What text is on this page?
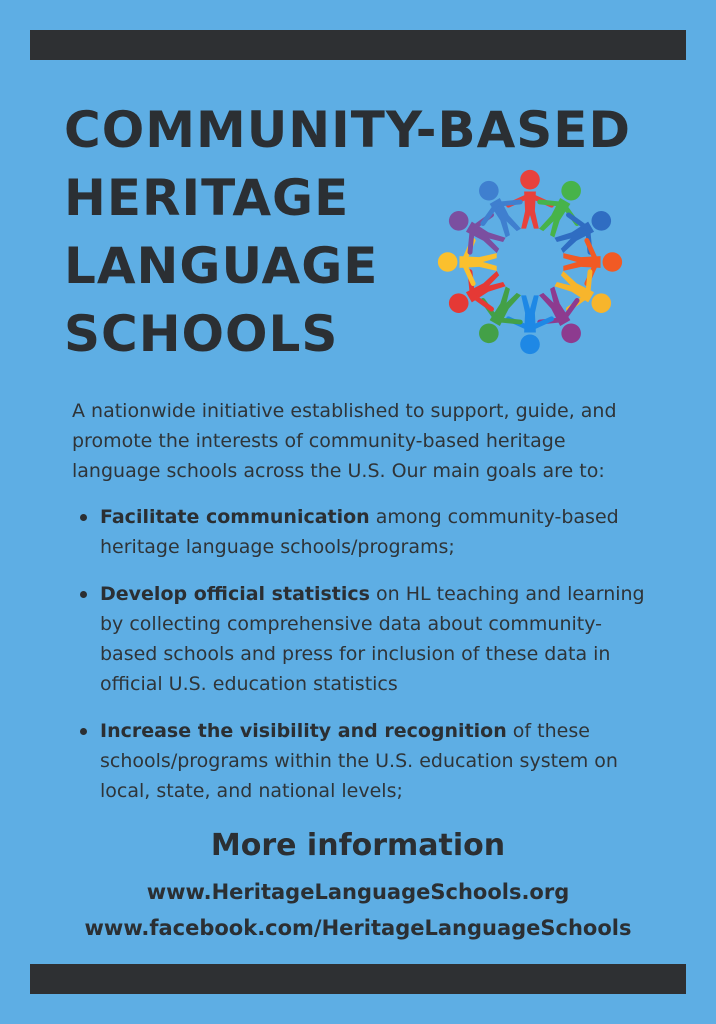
COMMUNITY-BASED
HERITAGE
LANGUAGE
SCHOOLS

A nationwide initiative established to support, guide, and promote the interests of community-based heritage language schools across the U.S. Our main goals are to:

Facilitate communication among community-based heritage language schools/programs;
Develop official statistics on HL teaching and learning by collecting comprehensive data about community-based schools and press for inclusion of these data in official U.S. education statistics
Increase the visibility and recognition of these schools/programs within the U.S. education system on local, state, and national levels;
More information
www.HeritageLanguageSchools.org
www.facebook.com/HeritageLanguageSchools
